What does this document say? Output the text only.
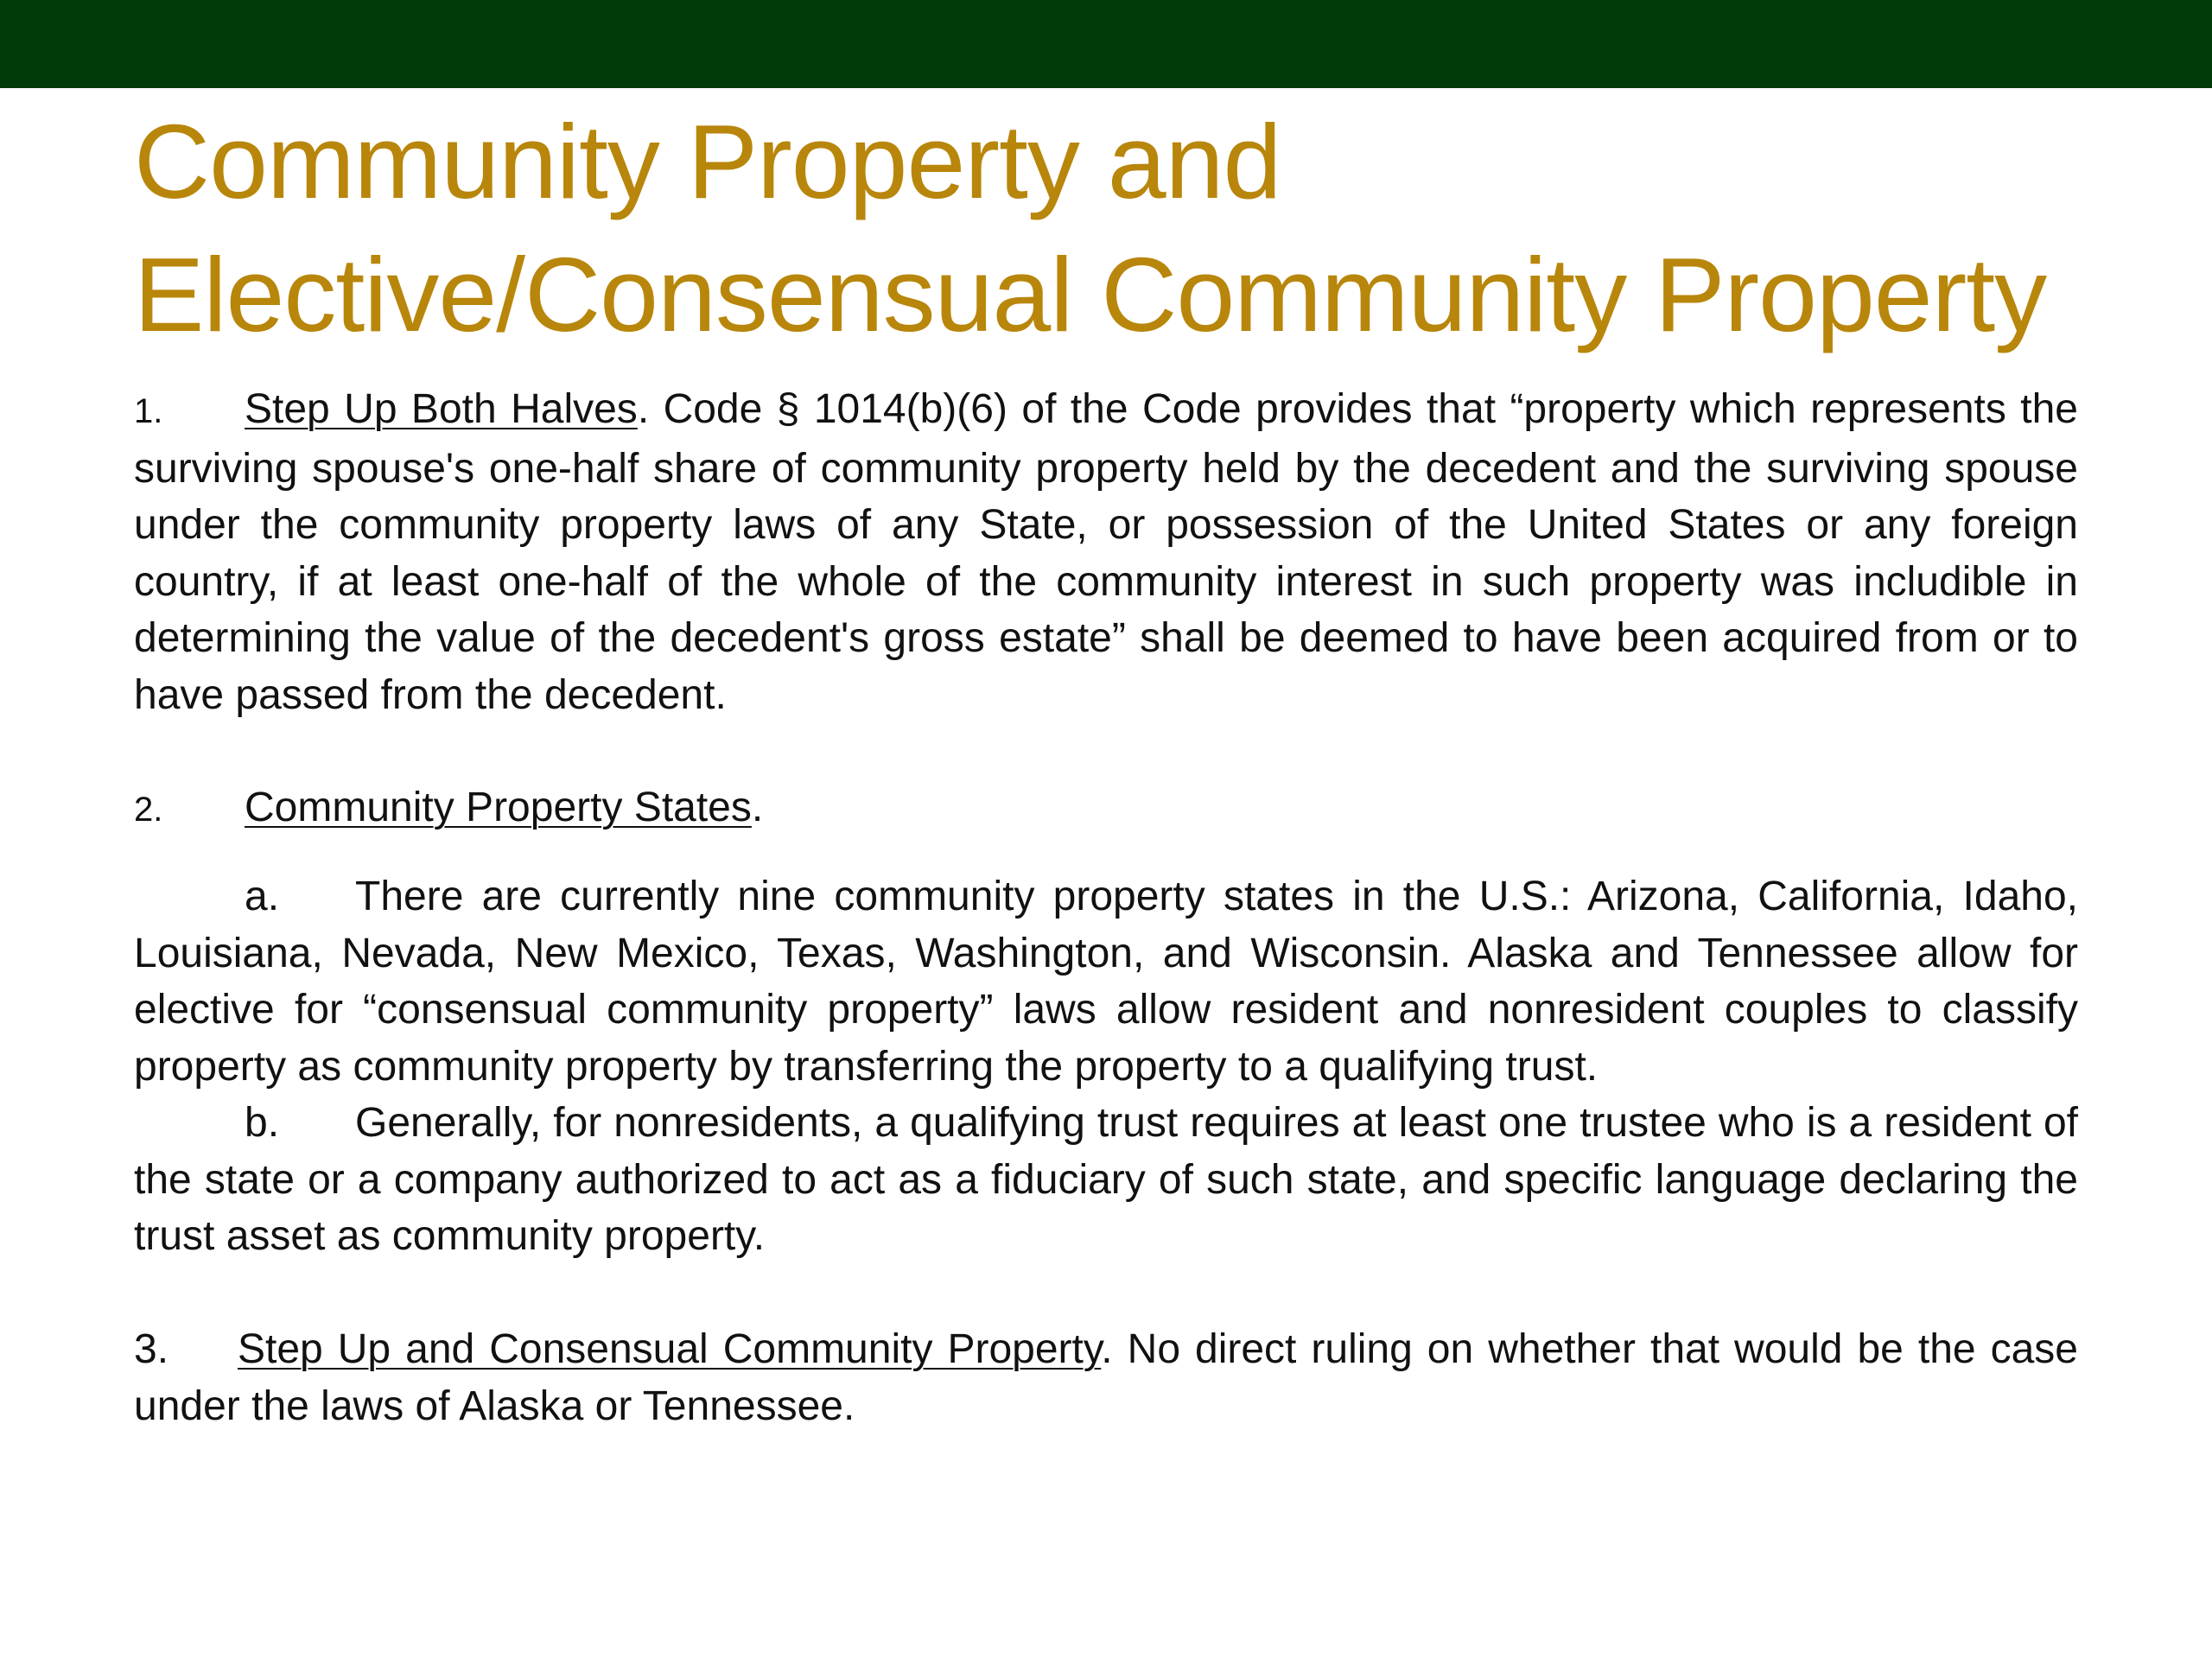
Community Property and
Elective/Consensual Community Property

1. Step Up Both Halves. Code § 1014(b)(6) of the Code provides that “property which represents the surviving spouse's one-half share of community property held by the decedent and the surviving spouse under the community property laws of any State, or possession of the United States or any foreign country, if at least one-half of the whole of the community interest in such property was includible in determining the value of the decedent's gross estate” shall be deemed to have been acquired from or to have passed from the decedent.

2. Community Property States.

a. There are currently nine community property states in the U.S.: Arizona, California, Idaho, Louisiana, Nevada, New Mexico, Texas, Washington, and Wisconsin. Alaska and Tennessee allow for elective for “consensual community property” laws allow resident and nonresident couples to classify property as community property by transferring the property to a qualifying trust.

b. Generally, for nonresidents, a qualifying trust requires at least one trustee who is a resident of the state or a company authorized to act as a fiduciary of such state, and specific language declaring the trust asset as community property.

3. Step Up and Consensual Community Property. No direct ruling on whether that would be the case under the laws of Alaska or Tennessee.
